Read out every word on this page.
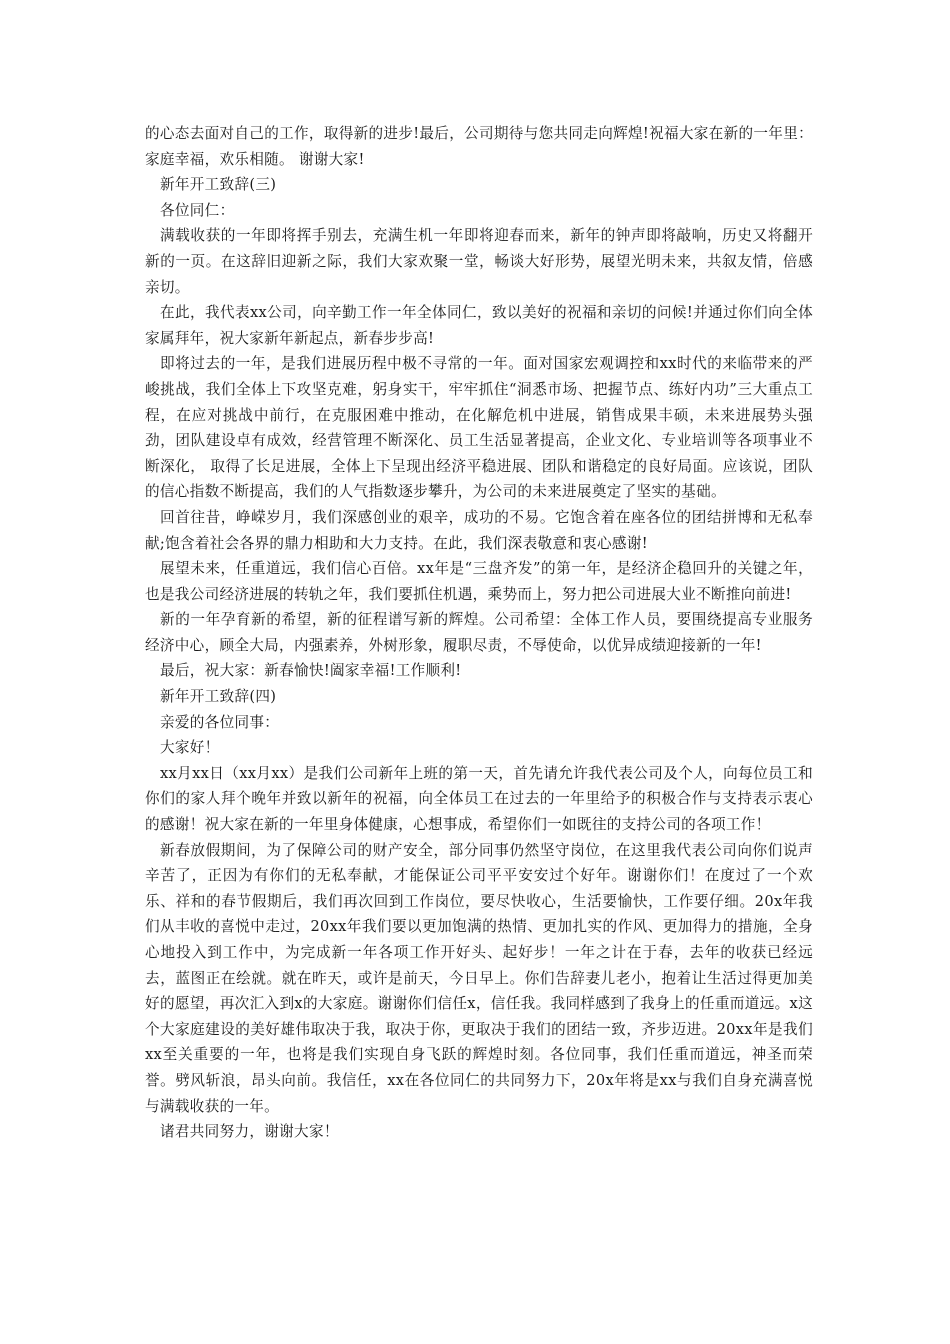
的心态去面对自己的工作，取得新的进步!最后，公司期待与您共同走向辉煌!祝福大家在新的一年里：家庭幸福，欢乐相随。 谢谢大家!

新年开工致辞(三)

各位同仁：

满载收获的一年即将挥手别去，充满生机一年即将迎春而来，新年的钟声即将敲响，历史又将翻开新的一页。在这辞旧迎新之际，我们大家欢聚一堂，畅谈大好形势，展望光明未来，共叙友情，倍感亲切。

在此，我代表xx公司，向辛勤工作一年全体同仁，致以美好的祝福和亲切的问候!并通过你们向全体家属拜年，祝大家新年新起点，新春步步高!

即将过去的一年，是我们进展历程中极不寻常的一年。面对国家宏观调控和xx时代的来临带来的严峻挑战，我们全体上下攻坚克难，躬身实干，牢牢抓住“洞悉市场、把握节点、练好内功”三大重点工程，在应对挑战中前行，在克服困难中推动，在化解危机中进展，销售成果丰硕，未来进展势头强劲，团队建设卓有成效，经营管理不断深化、员工生活显著提高，企业文化、专业培训等各项事业不断深化， 取得了长足进展，全体上下呈现出经济平稳进展、团队和谐稳定的良好局面。应该说，团队的信心指数不断提高，我们的人气指数逐步攀升，为公司的未来进展奠定了坚实的基础。

回首往昔，峥嵘岁月，我们深感创业的艰辛，成功的不易。它饱含着在座各位的团结拼博和无私奉献;饱含着社会各界的鼎力相助和大力支持。在此，我们深表敬意和衷心感谢!

展望未来，任重道远，我们信心百倍。xx年是“三盘齐发”的第一年，是经济企稳回升的关键之年，也是我公司经济进展的转轨之年，我们要抓住机遇，乘势而上，努力把公司进展大业不断推向前进!

新的一年孕育新的希望，新的征程谱写新的辉煌。公司希望：全体工作人员，要围绕提高专业服务经济中心，顾全大局，内强素养，外树形象，履职尽责，不辱使命，以优异成绩迎接新的一年!

最后，祝大家：新春愉快!阖家幸福!工作顺利!

新年开工致辞(四)

亲爱的各位同事：

大家好！

xx月xx日（xx月xx）是我们公司新年上班的第一天，首先请允许我代表公司及个人，向每位员工和你们的家人拜个晚年并致以新年的祝福，向全体员工在过去的一年里给予的积极合作与支持表示衷心的感谢！祝大家在新的一年里身体健康，心想事成，希望你们一如既往的支持公司的各项工作！

新春放假期间，为了保障公司的财产安全，部分同事仍然坚守岗位，在这里我代表公司向你们说声辛苦了，正因为有你们的无私奉献，才能保证公司平平安安过个好年。谢谢你们！在度过了一个欢乐、祥和的春节假期后，我们再次回到工作岗位，要尽快收心，生活要愉快，工作要仔细。20x年我们从丰收的喜悦中走过，20xx年我们要以更加饱满的热情、更加扎实的作风、更加得力的措施，全身心地投入到工作中，为完成新一年各项工作开好头、起好步！一年之计在于春，去年的收获已经远去，蓝图正在绘就。就在昨天，或许是前天，今日早上。你们告辞妻儿老小，抱着让生活过得更加美好的愿望，再次汇入到x的大家庭。谢谢你们信任x，信任我。我同样感到了我身上的任重而道远。x这个大家庭建设的美好雄伟取决于我，取决于你，更取决于我们的团结一致，齐步迈进。20xx年是我们xx至关重要的一年，也将是我们实现自身飞跃的辉煌时刻。各位同事，我们任重而道远，神圣而荣誉。劈风斩浪，昂头向前。我信任，xx在各位同仁的共同努力下，20x年将是xx与我们自身充满喜悦与满载收获的一年。

诸君共同努力，谢谢大家！
